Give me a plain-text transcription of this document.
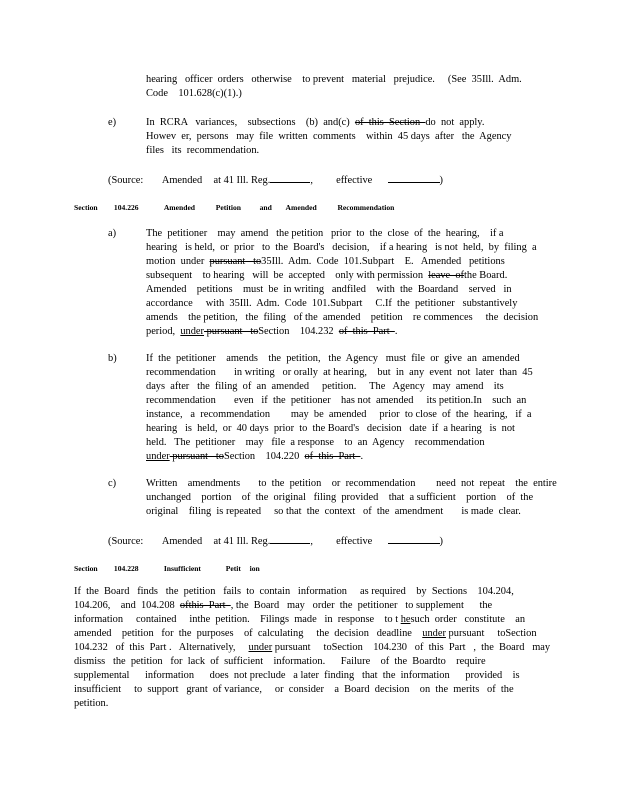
hearing   officer  orders   otherwise    to prevent   material   prejudice.     (See  35Ill.  Adm.

Code    101.628(c)(1).)

e)	In  RCRA   variances,    subsections    (b)  and(c)  of  this  Section  do  not  apply.

Howev  er,  persons   may  file  written  comments    within  45 days  after   the  Agency

files   its  recommendation.

(Source: Amended at 41 Ill. Reg.	,  effective	)
Section 104.226	Amended	Petition and Amended	Recommendation
a)	The  petitioner    may  amend   the petition   prior  to  the  close  of  the  hearing,    if a

hearing   is held,  or  prior   to  the  Board's   decision,    if a hearing   is not  held,  by  filing  a

motion  under  pursuant   to35Ill.  Adm.  Code  101.Subpart    E.   Amended   petitions

subsequent    to hearing   will  be  accepted    only with permission  leave  ofthe Board.

Amended    petitions    must  be  in writing   andfiled    with  the  Boardand    served   in

accordance     with  35Ill.  Adm.  Code  101.Subpart     C.If  the  petitioner   substantively

amends    the petition,   the  filing   of the  amended    petition    re commences     the  decision

period,  under pursuant   toSection    104.232  of  this  Part  .

b)	If  the  petitioner    amends    the  petition,   the  Agency   must  file  or  give  an  amended

recommendation       in writing   or orally  at hearing,    but  in  any  event  not  later  than  45

days  after   the  filing  of  an  amended     petition.     The   Agency   may  amend    its

recommendation       even   if  the  petitioner    has not  amended     its petition.In    such  an

instance,   a  recommendation        may  be  amended     prior  to close  of  the  hearing,   if  a

hearing   is  held,  or  40 days  prior  to  the Board's   decision   date  if  a hearing   is  not

held.   The  petitioner    may   file  a response    to  an  Agency    recommendation

under pursuant   toSection    104.220  of  this  Part  .

c)	Written    amendments       to  the  petition    or  recommendation        need  not  repeat    the  entire

unchanged    portion    of  the  original   filing  provided    that  a sufficient    portion    of  the

original    filing  is repeated     so that  the  context   of  the  amendment       is made  clear.

(Source: Amended at 41 Ill. Reg.	,  effective	)
Section 104.228	Insufficient	Petit ion

If  the  Board   finds   the  petition   fails  to  contain   information     as required    by  Sections    104.204,

104.206,    and  104.208  ofthis  Part  , the  Board   may   order  the  petitioner   to supplement      the

information     contained     inthe  petition.    Filings  made   in  response    to t hesuch  order   constitute    an

amended    petition   for  the  purposes    of  calculating     the  decision   deadline    under pursuant     toSection

104.232   of  this  Part .   Alternatively,     under pursuant     toSection    104.230   of  this  Part   ,  the  Board   may

dismiss   the  petition   for  lack  of  sufficient    information.      Failure    of  the  Boardto    require

supplemental      information      does  not preclude   a later  finding   that  the  information      provided    is

insufficient     to  support   grant  of variance,     or  consider    a  Board  decision    on  the  merits   of  the

petition.
